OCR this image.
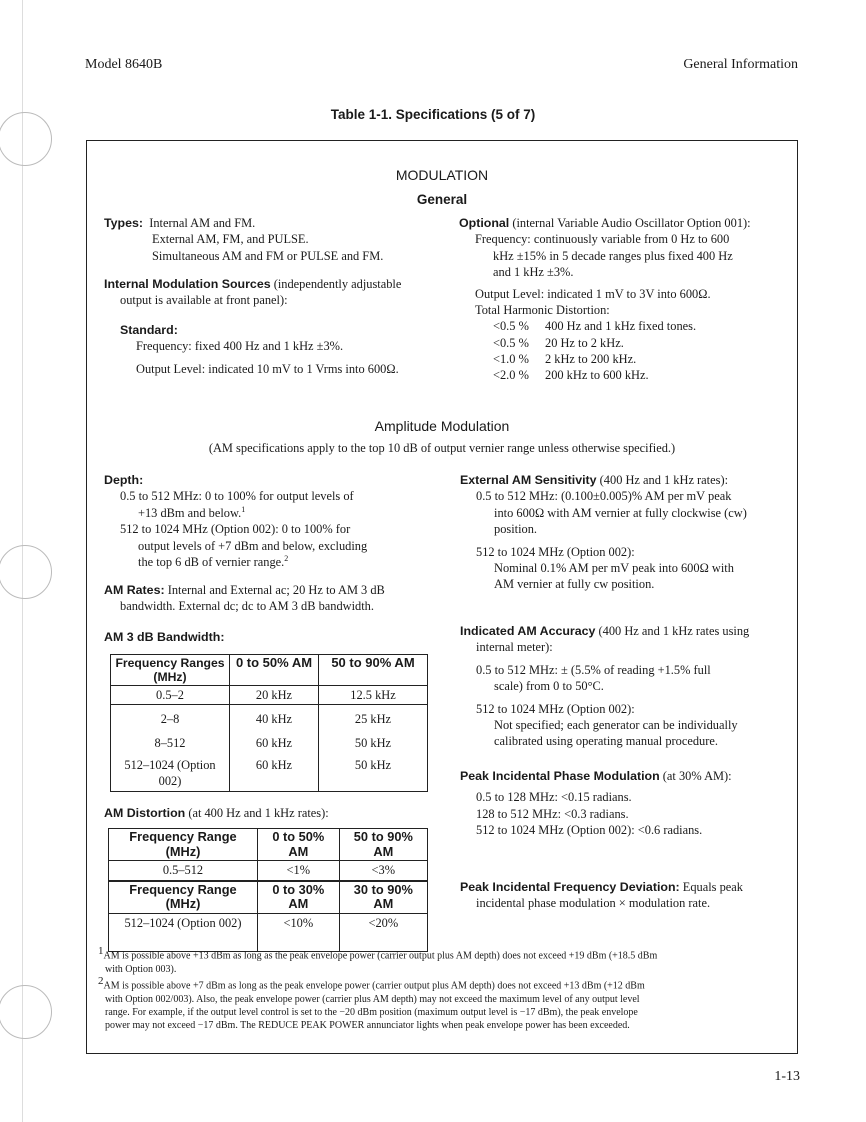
Model 8640B	General Information
Table 1-1. Specifications (5 of 7)
MODULATION
General
Types: Internal AM and FM.
External AM, FM, and PULSE.
Simultaneous AM and FM or PULSE and FM.
Internal Modulation Sources (independently adjustable
output is available at front panel):
Standard:
Frequency: fixed 400 Hz and 1 kHz ±3%.
Output Level: indicated 10 mV to 1 Vrms into 600Ω.
Optional (internal Variable Audio Oscillator Option 001):
Frequency: continuously variable from 0 Hz to 600
kHz ±15% in 5 decade ranges plus fixed 400 Hz
and 1 kHz ±3%.
Output Level: indicated 1 mV to 3V into 600Ω.
Total Harmonic Distortion:
<0.5 % 400 Hz and 1 kHz fixed tones.
<0.5 % 20 Hz to 2 kHz.
<1.0 % 2 kHz to 200 kHz.
<2.0 % 200 kHz to 600 kHz.
Amplitude Modulation
(AM specifications apply to the top 10 dB of output vernier range unless otherwise specified.)
Depth:
0.5 to 512 MHz: 0 to 100% for output levels of
+13 dBm and below.$^1$
512 to 1024 MHz (Option 002): 0 to 100% for
output levels of +7 dBm and below, excluding
the top 6 dB of vernier range.$^2$
AM Rates: Internal and External ac; 20 Hz to AM 3 dB
bandwidth. External dc; dc to AM 3 dB bandwidth.
AM 3 dB Bandwidth:
Frequency Ranges (MHz)	0 to 50% AM	50 to 90% AM
0.5–2	20 kHz	12.5 kHz
2–8	40 kHz	25 kHz
8–512	60 kHz	50 kHz
512–1024 (Option 002)	60 kHz	50 kHz
AM Distortion (at 400 Hz and 1 kHz rates):
Frequency Range (MHz)	0 to 50% AM	50 to 90% AM
0.5–512	<1%	<3%
Frequency Range (MHz)	0 to 30% AM	30 to 90% AM
512–1024 (Option 002)	<10%	<20%
External AM Sensitivity (400 Hz and 1 kHz rates):
0.5 to 512 MHz: (0.100±0.005)% AM per mV peak
into 600Ω with AM vernier at fully clockwise (cw)
position.
512 to 1024 MHz (Option 002):
Nominal 0.1% AM per mV peak into 600Ω with
AM vernier at fully cw position.
Indicated AM Accuracy (400 Hz and 1 kHz rates using
internal meter):
0.5 to 512 MHz: ± (5.5% of reading +1.5% full
scale) from 0 to 50°C.
512 to 1024 MHz (Option 002):
Not specified; each generator can be individually
calibrated using operating manual procedure.
Peak Incidental Phase Modulation (at 30% AM):
0.5 to 128 MHz: <0.15 radians.
128 to 512 MHz: <0.3 radians.
512 to 1024 MHz (Option 002): <0.6 radians.
Peak Incidental Frequency Deviation: Equals peak
incidental phase modulation × modulation rate.
1AM is possible above +13 dBm as long as the peak envelope power (carrier output plus AM depth) does not exceed +19 dBm (+18.5 dBm
with Option 003).
2AM is possible above +7 dBm as long as the peak envelope power (carrier output plus AM depth) does not exceed +13 dBm (+12 dBm
with Option 002/003). Also, the peak envelope power (carrier plus AM depth) may not exceed the maximum level of any output level
range. For example, if the output level control is set to the −20 dBm position (maximum output level is −17 dBm), the peak envelope
power may not exceed −17 dBm. The REDUCE PEAK POWER annunciator lights when peak envelope power has been exceeded.
1-13
